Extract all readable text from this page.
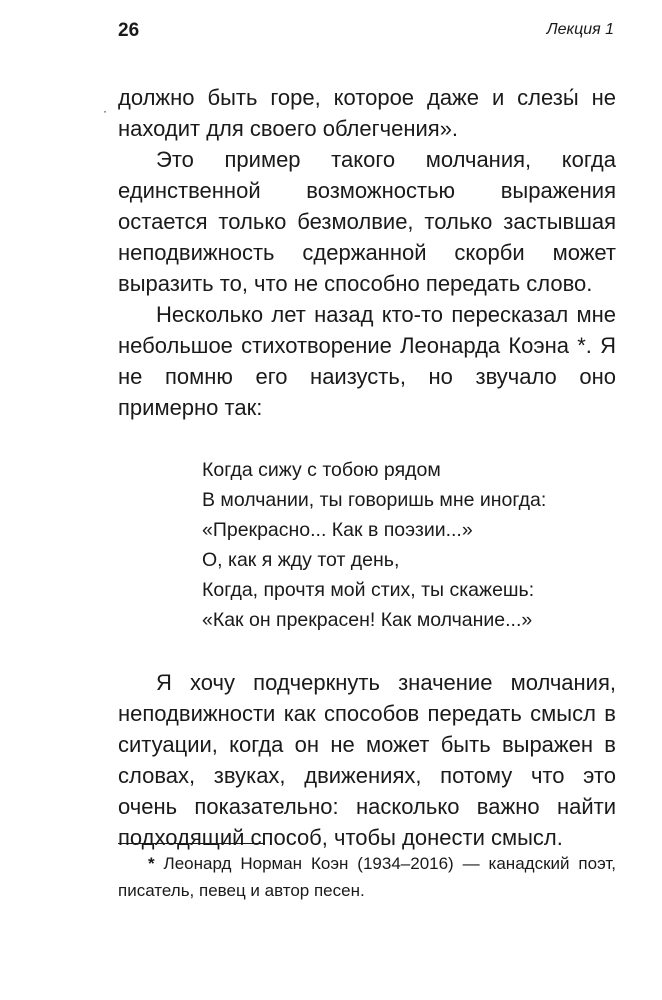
26	Лекция 1
·

должно быть горе, которое даже и слезы́ не находит для своего облегчения».

Это пример такого молчания, когда единственной возможностью выражения остается только безмолвие, только застывшая неподвижность сдержанной скорби может выразить то, что не способно передать слово.

Несколько лет назад кто-то пересказал мне небольшое стихотворение Леонарда Коэна *. Я не помню его наизусть, но звучало оно примерно так:

Когда сижу с тобою рядом
В молчании, ты говоришь мне иногда:
«Прекрасно... Как в поэзии...»
О, как я жду тот день,
Когда, прочтя мой стих, ты скажешь:
«Как он прекрасен! Как молчание...»

Я хочу подчеркнуть значение молчания, неподвижности как способов передать смысл в ситуации, когда он не может быть выражен в словах, звуках, движениях, потому что это очень показательно: насколько важно найти подходящий способ, чтобы донести смысл.

* Леонард Норман Коэн (1934–2016) — канадский поэт, писатель, певец и автор песен.
